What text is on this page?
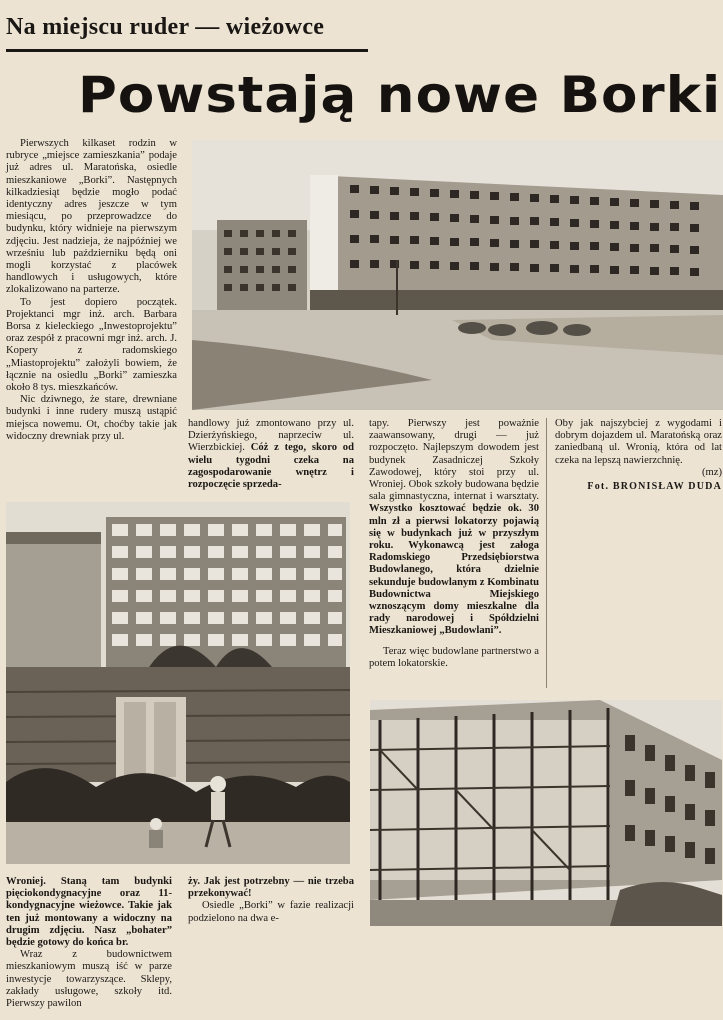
Na miejscu ruder — wieżowce
Powstają nowe Borki

Pierwszych kilkaset rodzin w rubryce „miejsce zamieszkania” podaje już adres ul. Maratońska, osiedle mieszkaniowe „Borki”. Następnych kilkadziesiąt będzie mogło podać identyczny adres jeszcze w tym miesiącu, po przeprowadzce do budynku, który widnieje na pierwszym zdjęciu. Jest nadzieja, że najpóźniej we wrześniu lub październiku będą oni mogli korzystać z placówek handlowych i usługowych, które zlokalizowano na parterze.

To jest dopiero początek. Projektanci mgr inż. arch. Barbara Borsa z kieleckiego „Inwestoprojektu” oraz zespół z pracowni mgr inż. arch. J. Kopery z radomskiego „Miastoprojektu” założyli bowiem, że łącznie na osiedlu „Borki” zamieszka około 8 tys. mieszkańców.

Nic dziwnego, że stare, drewniane budynki i inne rudery muszą ustąpić miejsca nowemu. Ot, choćby takie jak widoczny drewniak przy ul.

handlowy już zmontowano przy ul. Dzierżyńskiego, naprzeciw ul. Wierzbickiej. Cóż z tego, skoro od wielu tygodni czeka na zagospodarowanie wnętrz i rozpoczęcie sprzeda-

tapy. Pierwszy jest poważnie zaawansowany, drugi — już rozpoczęto. Najlepszym dowodem jest budynek Zasadniczej Szkoły Zawodowej, który stoi przy ul. Wroniej. Obok szkoły budowana będzie sala gimnastyczna, internat i warsztaty. Wszystko kosztować będzie ok. 30 mln zł a pierwsi lokatorzy pojawią się w budynkach już w przyszłym roku. Wykonawcą jest załoga Radomskiego Przedsiębiorstwa Budowlanego, która dzielnie sekunduje budowlanym z Kombinatu Budownictwa Miejskiego wznoszącym domy mieszkalne dla rady narodowej i Spółdzielni Mieszkaniowej „Budowlani”.

Teraz więc budowlane partnerstwo a potem lokatorskie.

Oby jak najszybciej z wygodami i dobrym dojazdem ul. Maratońską oraz zaniedbaną ul. Wronią, która od lat czeka na lepszą nawierzchnię.

(mz)
Fot. BRONISŁAW DUDA

Wroniej. Staną tam budynki pięciokondygnacyjne oraz 11-kondygnacyjne wieżowce. Takie jak ten już montowany a widoczny na drugim zdjęciu. Nasz „bohater” będzie gotowy do końca br.

Wraz z budownictwem mieszkaniowym muszą iść w parze inwestycje towarzyszące. Sklepy, zakłady usługowe, szkoły itd. Pierwszy pawilon

ży. Jak jest potrzebny — nie trzeba przekonywać!

Osiedle „Borki” w fazie realizacji podzielono na dwa e-
